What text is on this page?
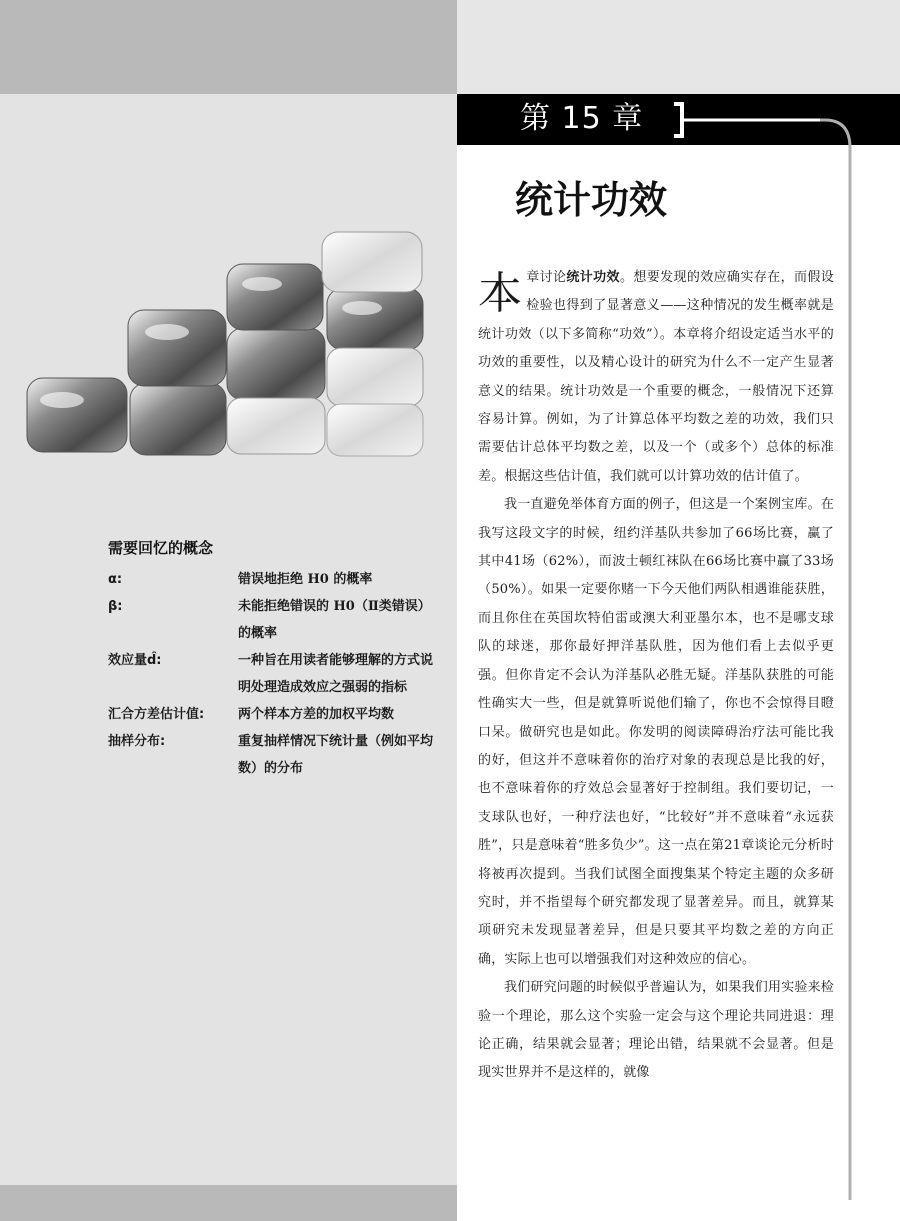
第 15 章
统计功效
需要回忆的概念
α:	错误地拒绝 H0 的概率
β:	未能拒绝错误的 H0（Ⅱ类错误）的概率
效应量d̂:	一种旨在用读者能够理解的方式说明处理造成效应之强弱的指标
汇合方差估计值:	两个样本方差的加权平均数
抽样分布:	重复抽样情况下统计量（例如平均数）的分布

本章讨论统计功效。想要发现的效应确实存在，而假设检验也得到了显著意义——这种情况的发生概率就是统计功效（以下多简称“功效”）。本章将介绍设定适当水平的功效的重要性，以及精心设计的研究为什么不一定产生显著意义的结果。统计功效是一个重要的概念，一般情况下还算容易计算。例如，为了计算总体平均数之差的功效，我们只需要估计总体平均数之差，以及一个（或多个）总体的标准差。根据这些估计值，我们就可以计算功效的估计值了。

我一直避免举体育方面的例子，但这是一个案例宝库。在我写这段文字的时候，纽约洋基队共参加了66场比赛，赢了其中41场（62%），而波士顿红袜队在66场比赛中赢了33场（50%）。如果一定要你赌一下今天他们两队相遇谁能获胜，而且你住在英国坎特伯雷或澳大利亚墨尔本，也不是哪支球队的球迷，那你最好押洋基队胜，因为他们看上去似乎更强。但你肯定不会认为洋基队必胜无疑。洋基队获胜的可能性确实大一些，但是就算听说他们输了，你也不会惊得目瞪口呆。做研究也是如此。你发明的阅读障碍治疗法可能比我的好，但这并不意味着你的治疗对象的表现总是比我的好，也不意味着你的疗效总会显著好于控制组。我们要切记，一支球队也好，一种疗法也好，“比较好”并不意味着“永远获胜”，只是意味着“胜多负少”。这一点在第21章谈论元分析时将被再次提到。当我们试图全面搜集某个特定主题的众多研究时，并不指望每个研究都发现了显著差异。而且，就算某项研究未发现显著差异，但是只要其平均数之差的方向正确，实际上也可以增强我们对这种效应的信心。

我们研究问题的时候似乎普遍认为，如果我们用实验来检验一个理论，那么这个实验一定会与这个理论共同进退：理论正确，结果就会显著；理论出错，结果就不会显著。但是现实世界并不是这样的，就像
